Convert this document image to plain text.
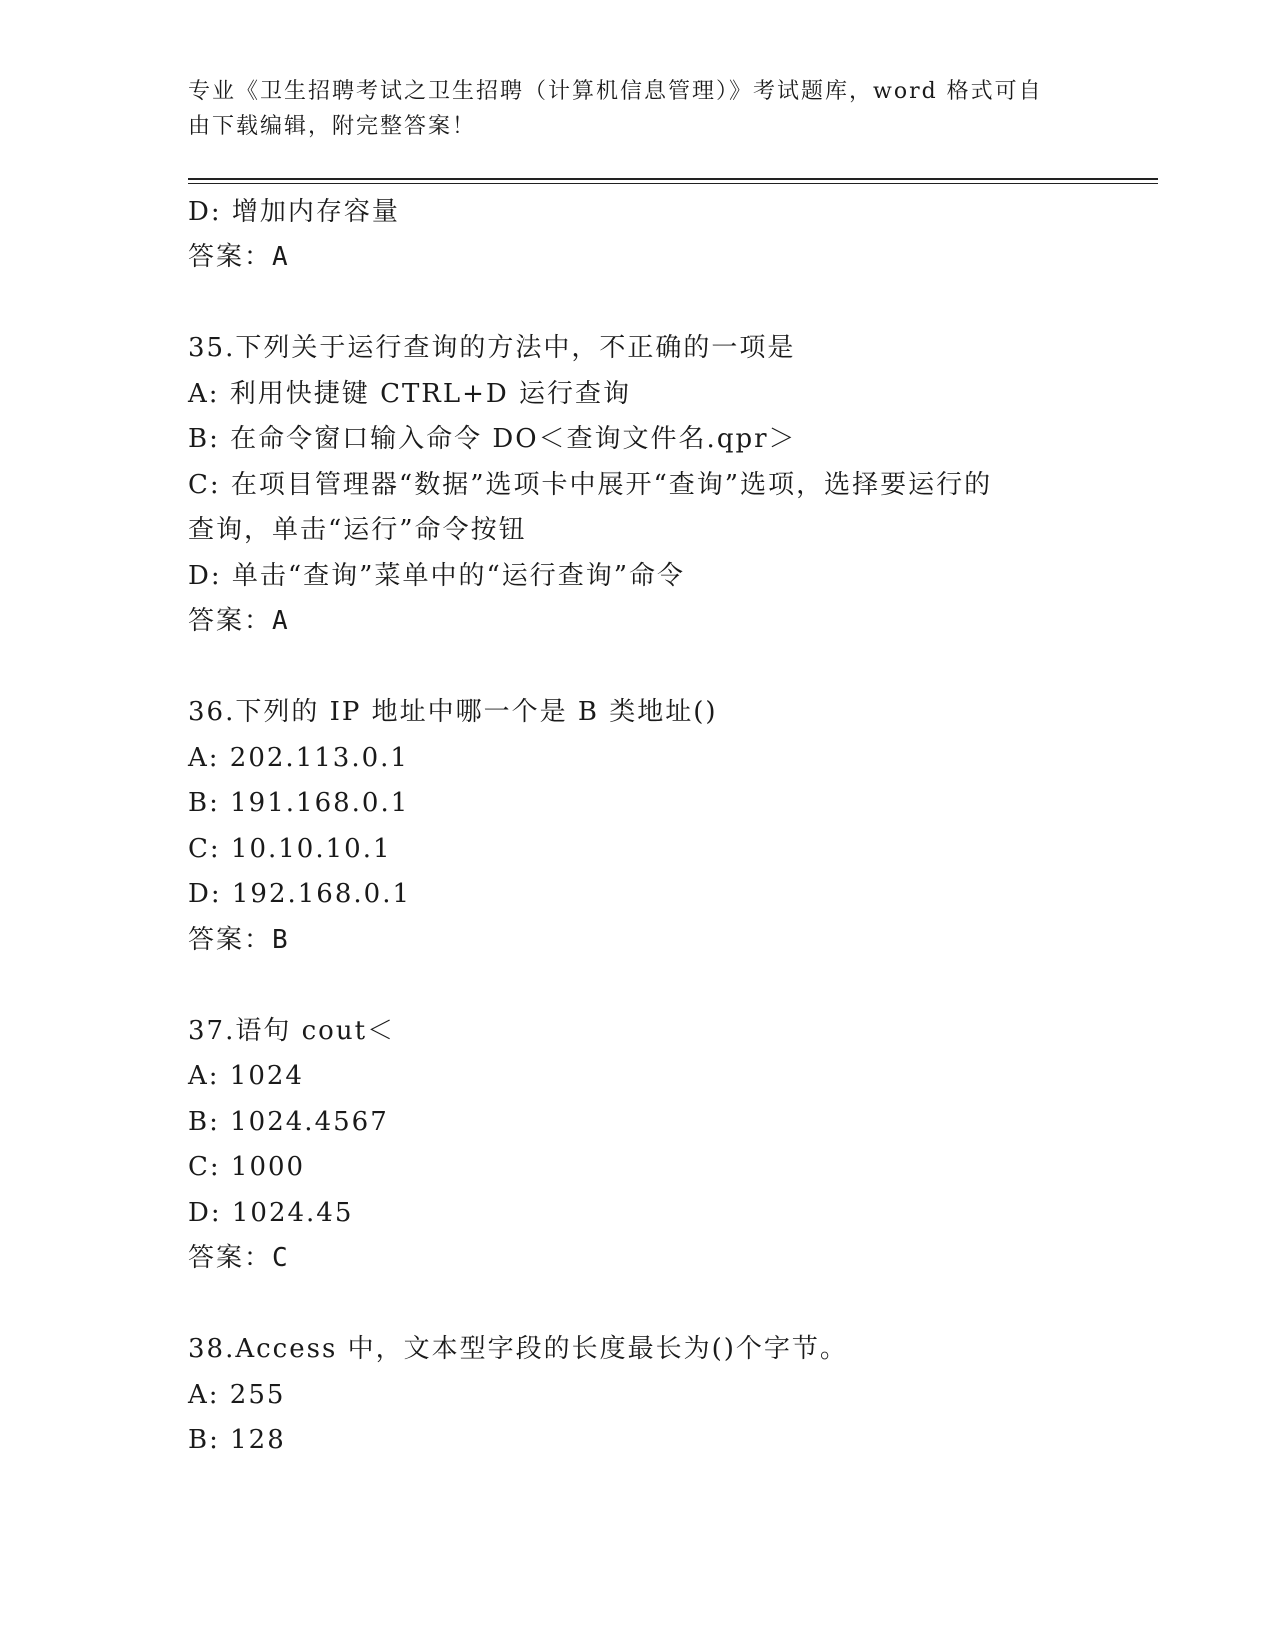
专业《卫生招聘考试之卫生招聘（计算机信息管理）》考试题库，word 格式可自
由下载编辑，附完整答案！
D: 增加内存容量
答案：A
35.下列关于运行查询的方法中，不正确的一项是
A: 利用快捷键 CTRL+D 运行查询
B: 在命令窗口输入命令 DO＜查询文件名.qpr＞
C: 在项目管理器“数据”选项卡中展开“查询”选项，选择要运行的
查询，单击“运行”命令按钮
D: 单击“查询”菜单中的“运行查询”命令
答案：A
36.下列的 IP 地址中哪一个是 B 类地址()
A: 202.113.0.1
B: 191.168.0.1
C: 10.10.10.1
D: 192.168.0.1
答案：B
37.语句 cout＜
A: 1024
B: 1024.4567
C: 1000
D: 1024.45
答案：C
38.Access 中，文本型字段的长度最长为()个字节。
A: 255
B: 128
